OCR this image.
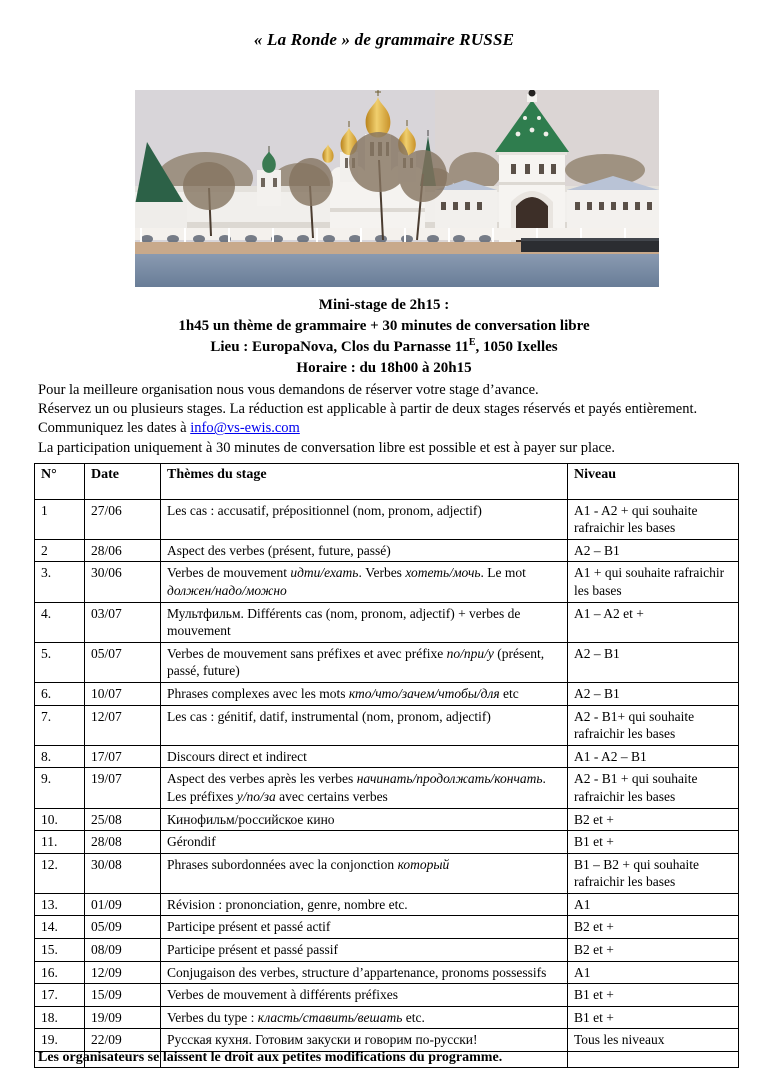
« La Ronde » de grammaire RUSSE

Mini-stage de 2h15 :

1h45 un thème de grammaire + 30 minutes de conversation libre

Lieu : EuropaNova, Clos du Parnasse $11^E$, 1050 Ixelles

Horaire : du 18h00 à 20h15

Pour la meilleure organisation nous vous demandons de réserver votre stage d’avance.

Réservez un ou plusieurs stages. La réduction est applicable à partir de deux stages réservés et payés entièrement. Communiquez les dates à info@vs-ewis.com

La participation uniquement à 30 minutes de conversation libre est possible et est à payer sur place.

N°	Date	Thèmes du stage	Niveau
1	27/06	Les cas : accusatif, prépositionnel (nom, pronom, adjectif)	A1 - A2 + qui souhaite rafraichir les bases
2	28/06	Aspect des verbes (présent, future, passé)	A2 – B1
3.	30/06	Verbes de mouvement идти/ехать. Verbes хотеть/мочь. Le mot должен/надо/можно	A1 + qui souhaite rafraichir les bases
4.	03/07	Мультфильм. Différents cas (nom, pronom, adjectif) + verbes de mouvement	A1 – A2 et +
5.	05/07	Verbes de mouvement sans préfixes et avec préfixe по/при/у (présent, passé, future)	A2 – B1
6.	10/07	Phrases complexes avec les mots кто/что/зачем/чтобы/для etc	A2 – B1
7.	12/07	Les cas : génitif, datif, instrumental (nom, pronom, adjectif)	A2 - B1+ qui souhaite rafraichir les bases
8.	17/07	Discours direct et indirect	A1 - A2 – B1
9.	19/07	Aspect des verbes après les verbes начинать/продолжать/кончать. Les préfixes у/по/за avec certains verbes	A2 - B1 + qui souhaite rafraichir les bases
10.	25/08	Кинофильм/российское кино	B2 et +
11.	28/08	Gérondif	B1 et +
12.	30/08	Phrases subordonnées avec la conjonction который	B1 – B2 + qui souhaite rafraichir les bases
13.	01/09	Révision : prononciation, genre, nombre etc.	A1
14.	05/09	Participe présent et passé actif	B2 et +
15.	08/09	Participe présent et passé passif	B2 et +
16.	12/09	Conjugaison des verbes, structure d’appartenance, pronoms possessifs	A1
17.	15/09	Verbes de mouvement à différents préfixes	B1 et +
18.	19/09	Verbes du type : класть/ставить/вешать etc.	B1 et +
19.	22/09	Русская кухня. Готовим закуски и говорим по-русски!	Tous les niveaux

Les organisateurs se laissent le droit aux petites modifications du programme.
